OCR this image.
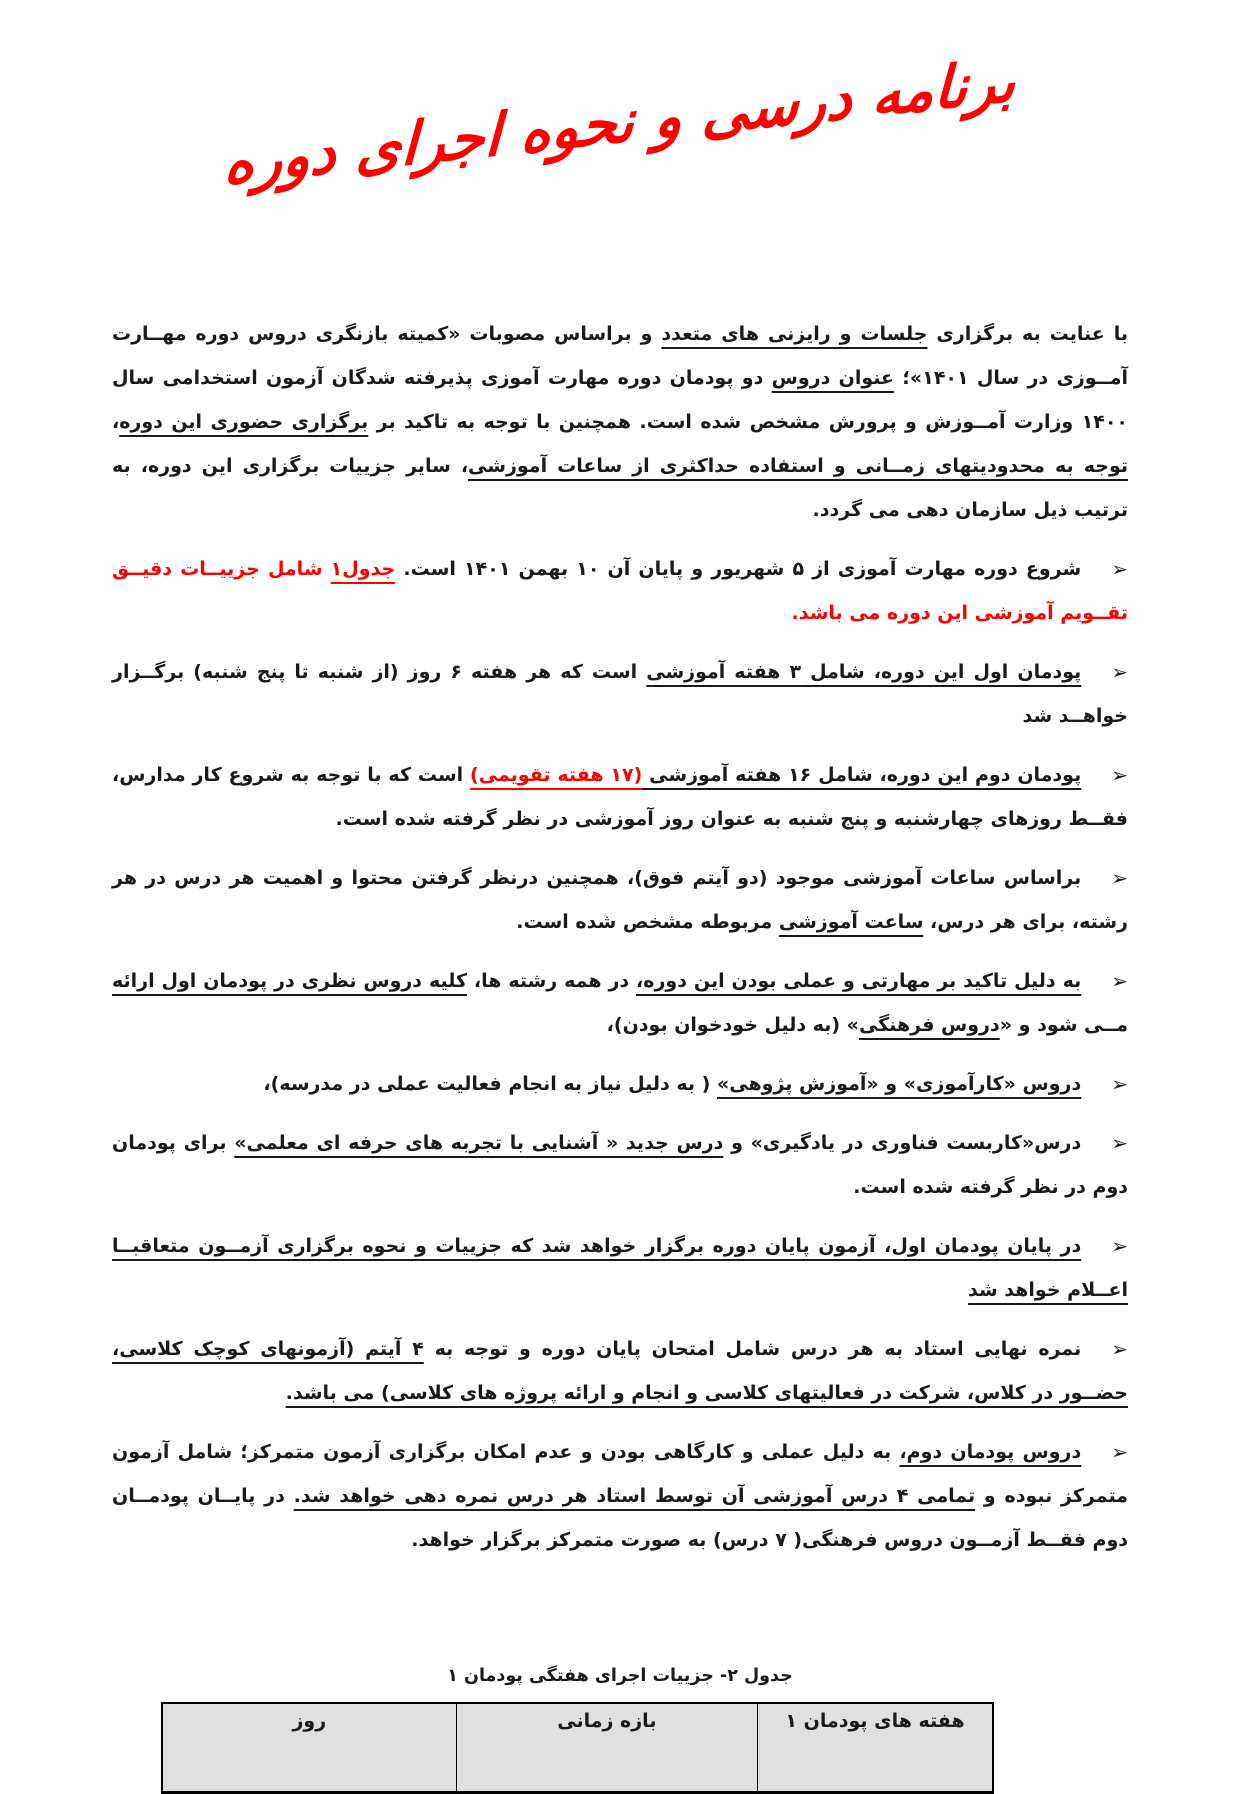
برنامه درسی و نحوه اجرای دوره

با عنایت به برگزاری جلسات و رایزنی های متعدد و براساس مصوبات «کمیته بازنگری دروس دوره مهــارت آمــوزی در سال ۱۴۰۱»؛ عنوان دروس دو پودمان دوره مهارت آموزی پذیرفته شدگان آزمون استخدامی سال ۱۴۰۰ وزارت آمــوزش و پرورش مشخص شده است. همچنین با توجه به تاکید بر برگزاری حضوری این دوره، توجه به محدودیتهای زمــانی و استفاده حداکثری از ساعات آموزشی، سایر جزییات برگزاری این دوره، به ترتیب ذیل سازمان دهی می گردد.

➢شروع دوره مهارت آموزی از ۵ شهریور و پایان آن ۱۰ بهمن ۱۴۰۱ است. جدول۱ شامل جزییــات دقیــق تقــویم آموزشی این دوره می باشد.
➢پودمان اول این دوره، شامل ۳ هفته آموزشی است که هر هفته ۶ روز (از شنبه تا پنج شنبه) برگــزار خواهــد شد
➢پودمان دوم این دوره، شامل ۱۶ هفته آموزشی (۱۷ هفته تقویمی) است که با توجه به شروع کار مدارس، فقــط روزهای چهارشنبه و پنج شنبه به عنوان روز آموزشی در نظر گرفته شده است.
➢براساس ساعات آموزشی موجود (دو آیتم فوق)، همچنین درنظر گرفتن محتوا و اهمیت هر درس در هر رشته، برای هر درس، ساعت آموزشی مربوطه مشخص شده است.
➢به دلیل تاکید بر مهارتی و عملی بودن این دوره، در همه رشته ها، کلیه دروس نظری در پودمان اول ارائه مــی شود و «دروس فرهنگی» (به دلیل خودخوان بودن)،
➢دروس «کارآموزی» و «آموزش پژوهی» ( به دلیل نیاز به انجام فعالیت عملی در مدرسه)،
➢درس«کاربست فناوری در یادگیری» و درس جدید « آشنایی با تجربه های حرفه ای معلمی» برای پودمان دوم در نظر گرفته شده است.
➢در پایان پودمان اول، آزمون پایان دوره برگزار خواهد شد که جزییات و نحوه برگزاری آزمــون متعاقبــا اعــلام خواهد شد
➢نمره نهایی استاد به هر درس شامل امتحان پایان دوره و توجه به ۴ آیتم (آزمونهای کوچک کلاسی، حضــور در کلاس، شرکت در فعالیتهای کلاسی و انجام و ارائه پروژه های کلاسی) می باشد.
➢دروس پودمان دوم، به دلیل عملی و کارگاهی بودن و عدم امکان برگزاری آزمون متمرکز؛ شامل آزمون متمرکز نبوده و تمامی ۴ درس آموزشی آن توسط استاد هر درس نمره دهی خواهد شد. در پایــان پودمــان دوم فقــط آزمــون دروس فرهنگی( ۷ درس) به صورت متمرکز برگزار خواهد.
جدول ۲- جزییات اجرای هفتگی پودمان ۱
هفته های پودمان ۱	بازه زمانی	روز
